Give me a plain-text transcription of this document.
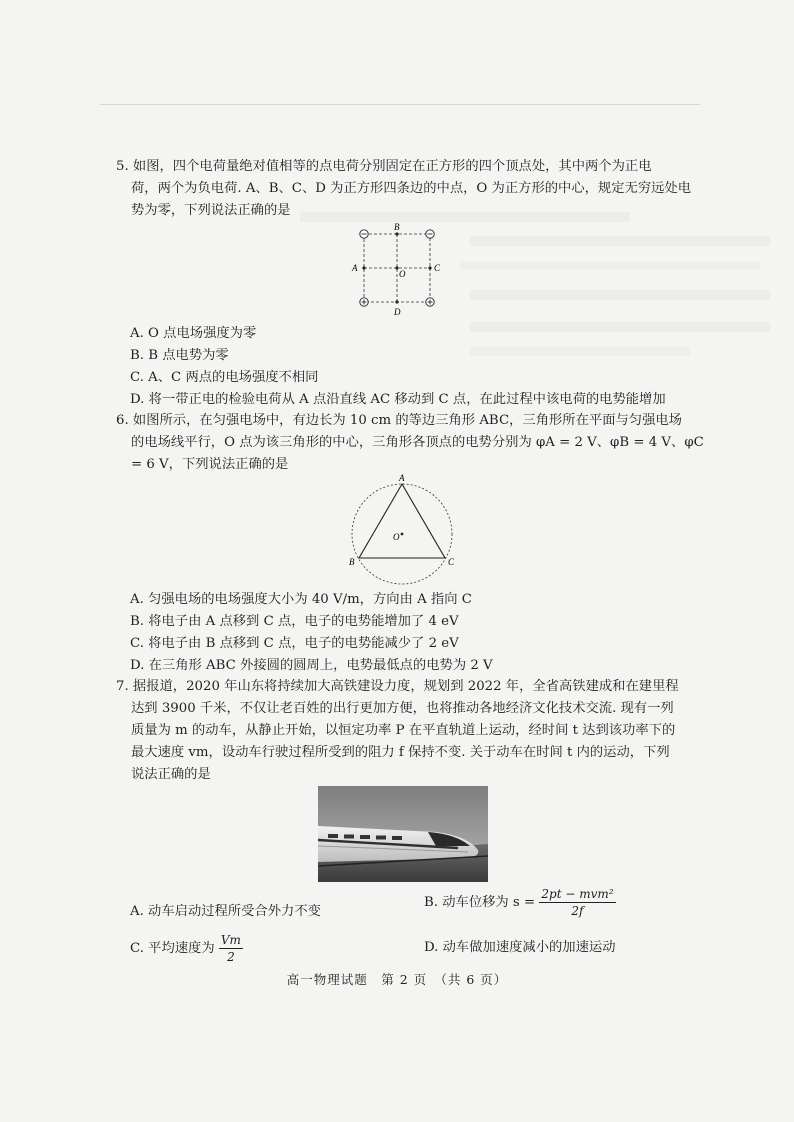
5. 如图，四个电荷量绝对值相等的点电荷分别固定在正方形的四个顶点处，其中两个为正电
荷，两个为负电荷. A、B、C、D 为正方形四条边的中点，O 为正方形的中心，规定无穷远处电
势为零，下列说法正确的是
B
A
O
C
D
A. O 点电场强度为零
B. B 点电势为零
C. A、C 两点的电场强度不相同
D. 将一带正电的检验电荷从 A 点沿直线 AC 移动到 C 点，在此过程中该电荷的电势能增加
6. 如图所示，在匀强电场中，有边长为 10 cm 的等边三角形 ABC，三角形所在平面与匀强电场
的电场线平行，O 点为该三角形的中心，三角形各顶点的电势分别为 φA = 2 V、φB = 4 V、φC
= 6 V，下列说法正确的是
A
B	C
O
A. 匀强电场的电场强度大小为 40 V/m，方向由 A 指向 C
B. 将电子由 A 点移到 C 点，电子的电势能增加了 4 eV
C. 将电子由 B 点移到 C 点，电子的电势能减少了 2 eV
D. 在三角形 ABC 外接圆的圆周上，电势最低点的电势为 2 V
7. 据报道，2020 年山东将持续加大高铁建设力度，规划到 2022 年，全省高铁建成和在建里程
达到 3900 千米，不仅让老百姓的出行更加方便，也将推动各地经济文化技术交流. 现有一列
质量为 m 的动车，从静止开始，以恒定功率 P 在平直轨道上运动，经时间 t 达到该功率下的
最大速度 vm，设动车行驶过程所受到的阻力 f 保持不变. 关于动车在时间 t 内的运动，下列
说法正确的是
A. 动车启动过程所受合外力不变
B. 动车位移为 $s = \frac{\text{2pt − mvm²}}{2f}$
C. 平均速度为 $\frac{Vm}{2}$	D. 动车做加速度减小的加速运动
高一物理试题　第 2 页　（共 6 页）
